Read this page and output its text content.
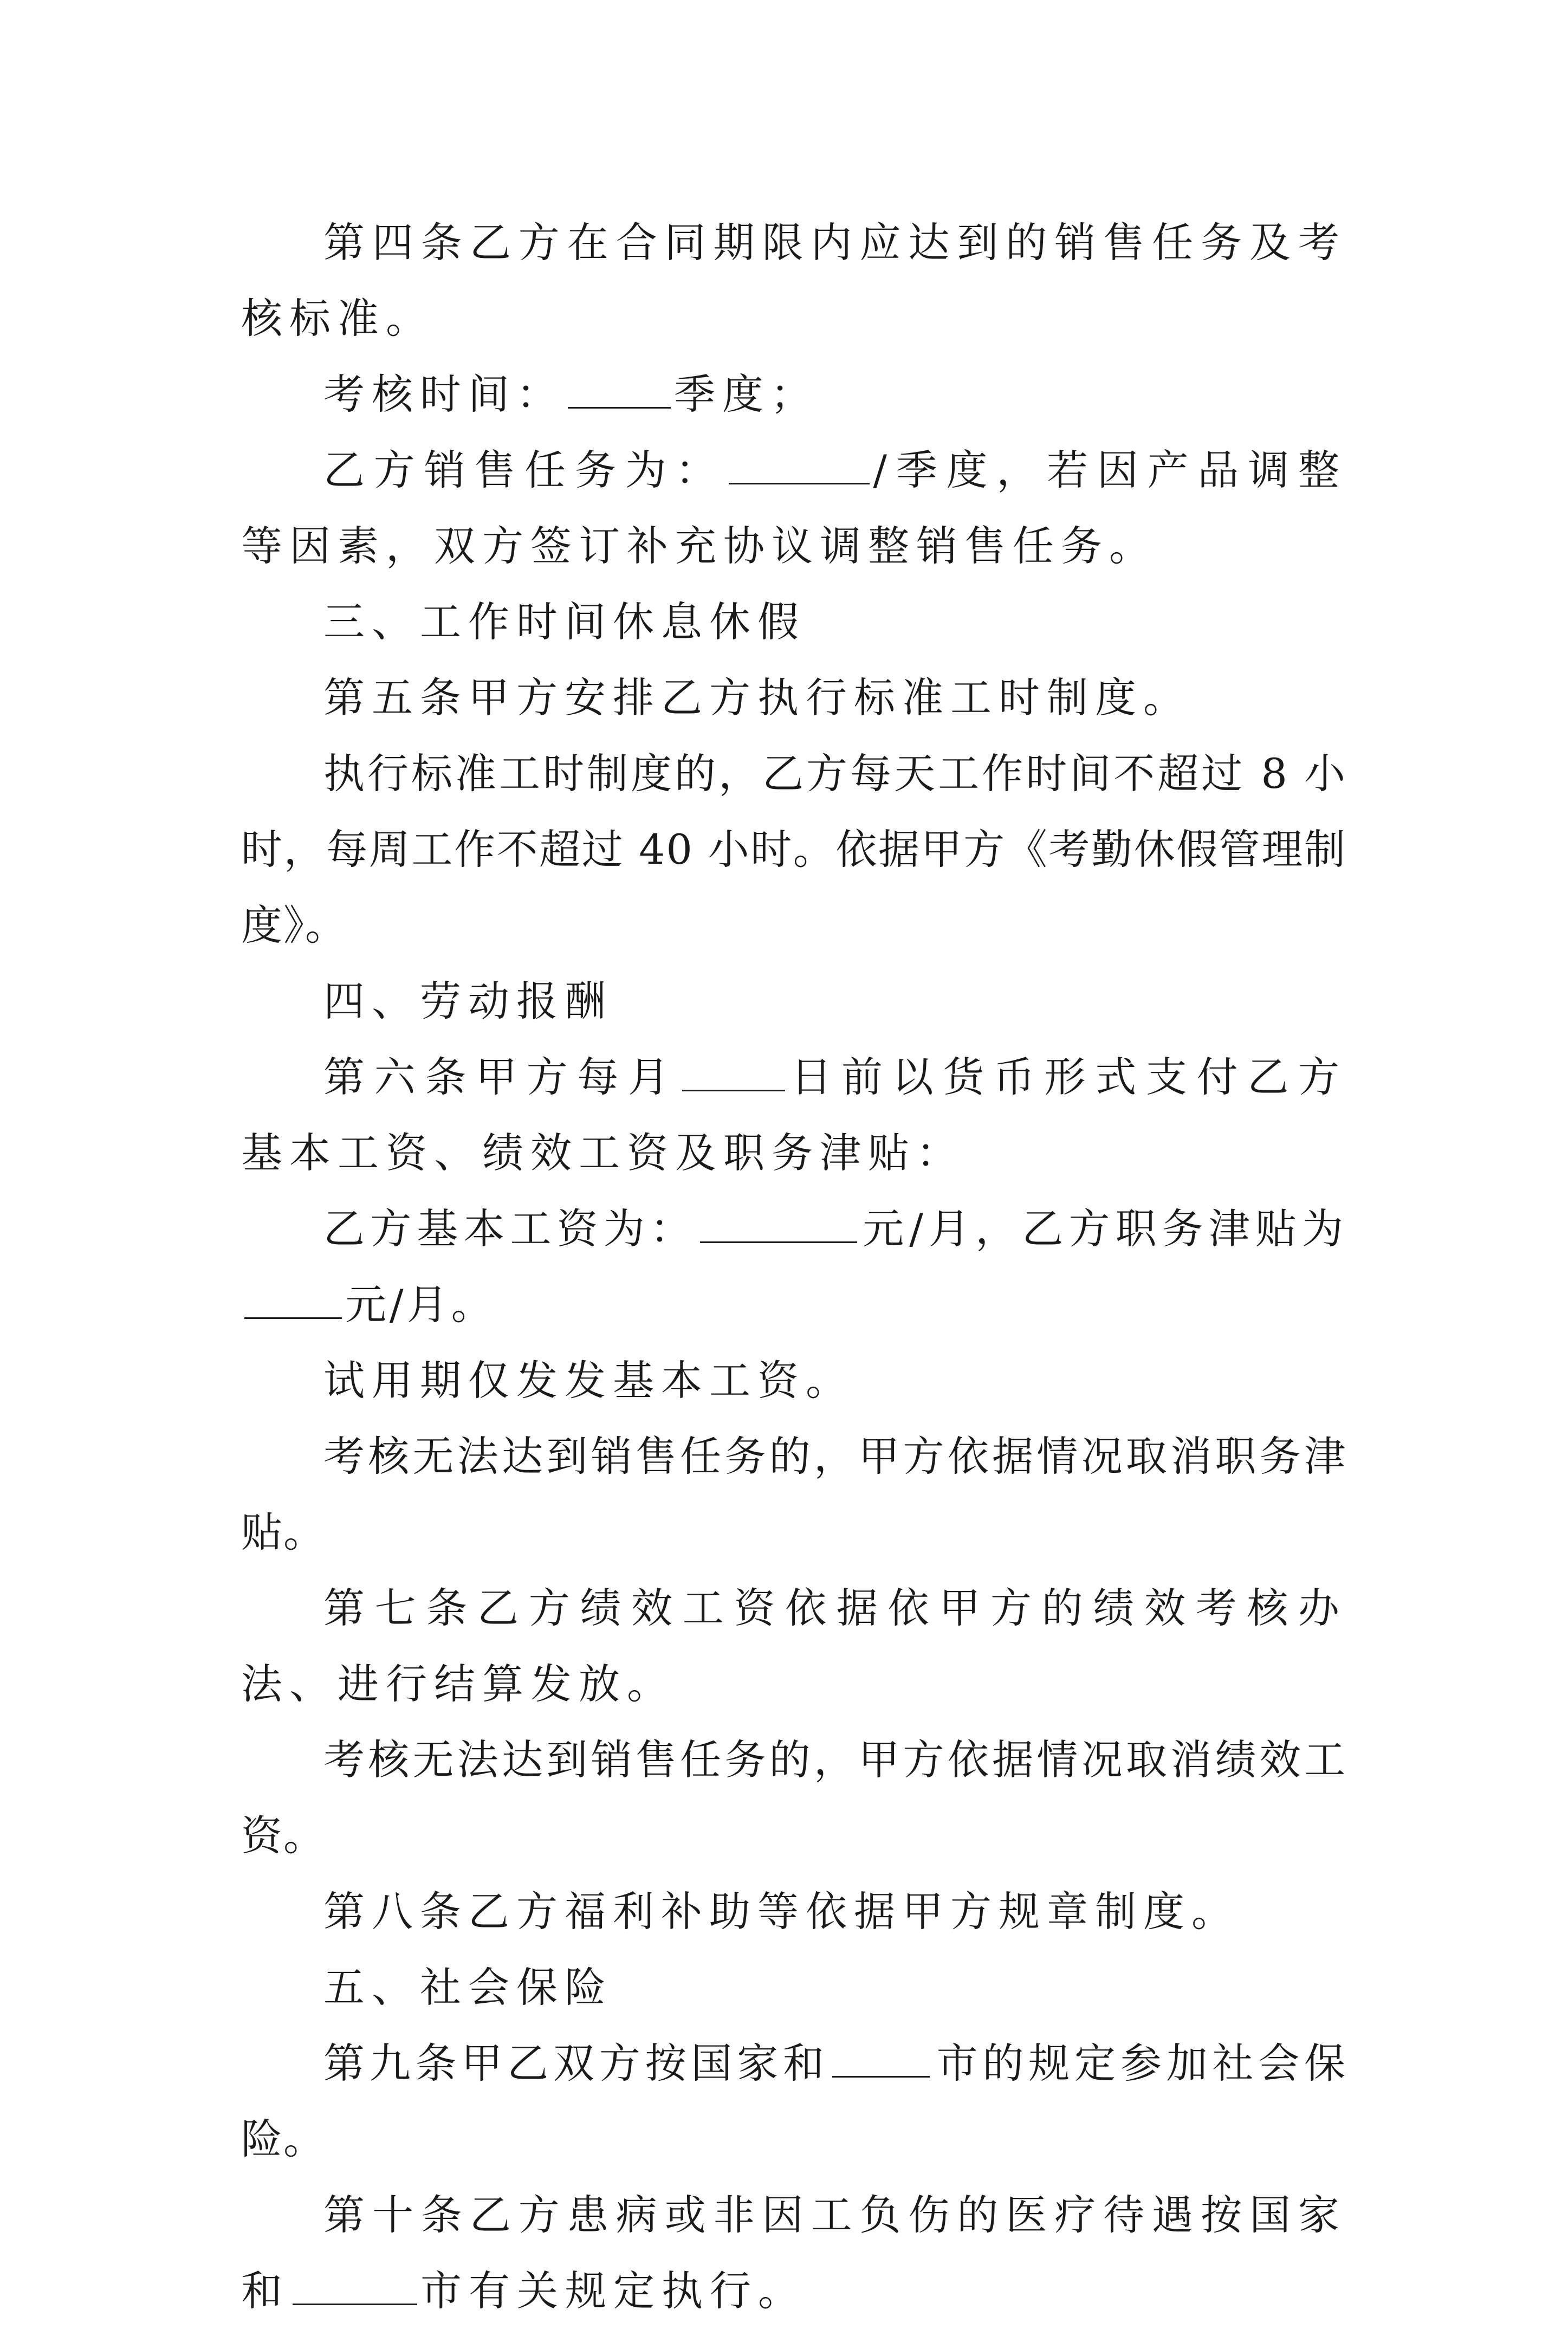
第四条乙方在合同期限内应达到的销售任务及考核标准。

考核时间：	季度；

乙方销售任务为：	/季度，若因产品调整等因素，双方签订补充协议调整销售任务。

三、工作时间休息休假

第五条甲方安排乙方执行标准工时制度。

执行标准工时制度的，乙方每天工作时间不超过 8 小时，每周工作不超过 40 小时。依据甲方《考勤休假管理制度》。

四、劳动报酬

第六条甲方每月	日前以货币形式支付乙方基本工资、绩效工资及职务津贴：

乙方基本工资为：	元/月，乙方职务津贴为元/月。

试用期仅发发基本工资。

考核无法达到销售任务的，甲方依据情况取消职务津贴。

第七条乙方绩效工资依据依甲方的绩效考核办法、进行结算发放。

考核无法达到销售任务的，甲方依据情况取消绩效工资。

第八条乙方福利补助等依据甲方规章制度。

五、社会保险

第九条甲乙双方按国家和	市的规定参加社会保险。

第十条乙方患病或非因工负伤的医疗待遇按国家和	市有关规定执行。
